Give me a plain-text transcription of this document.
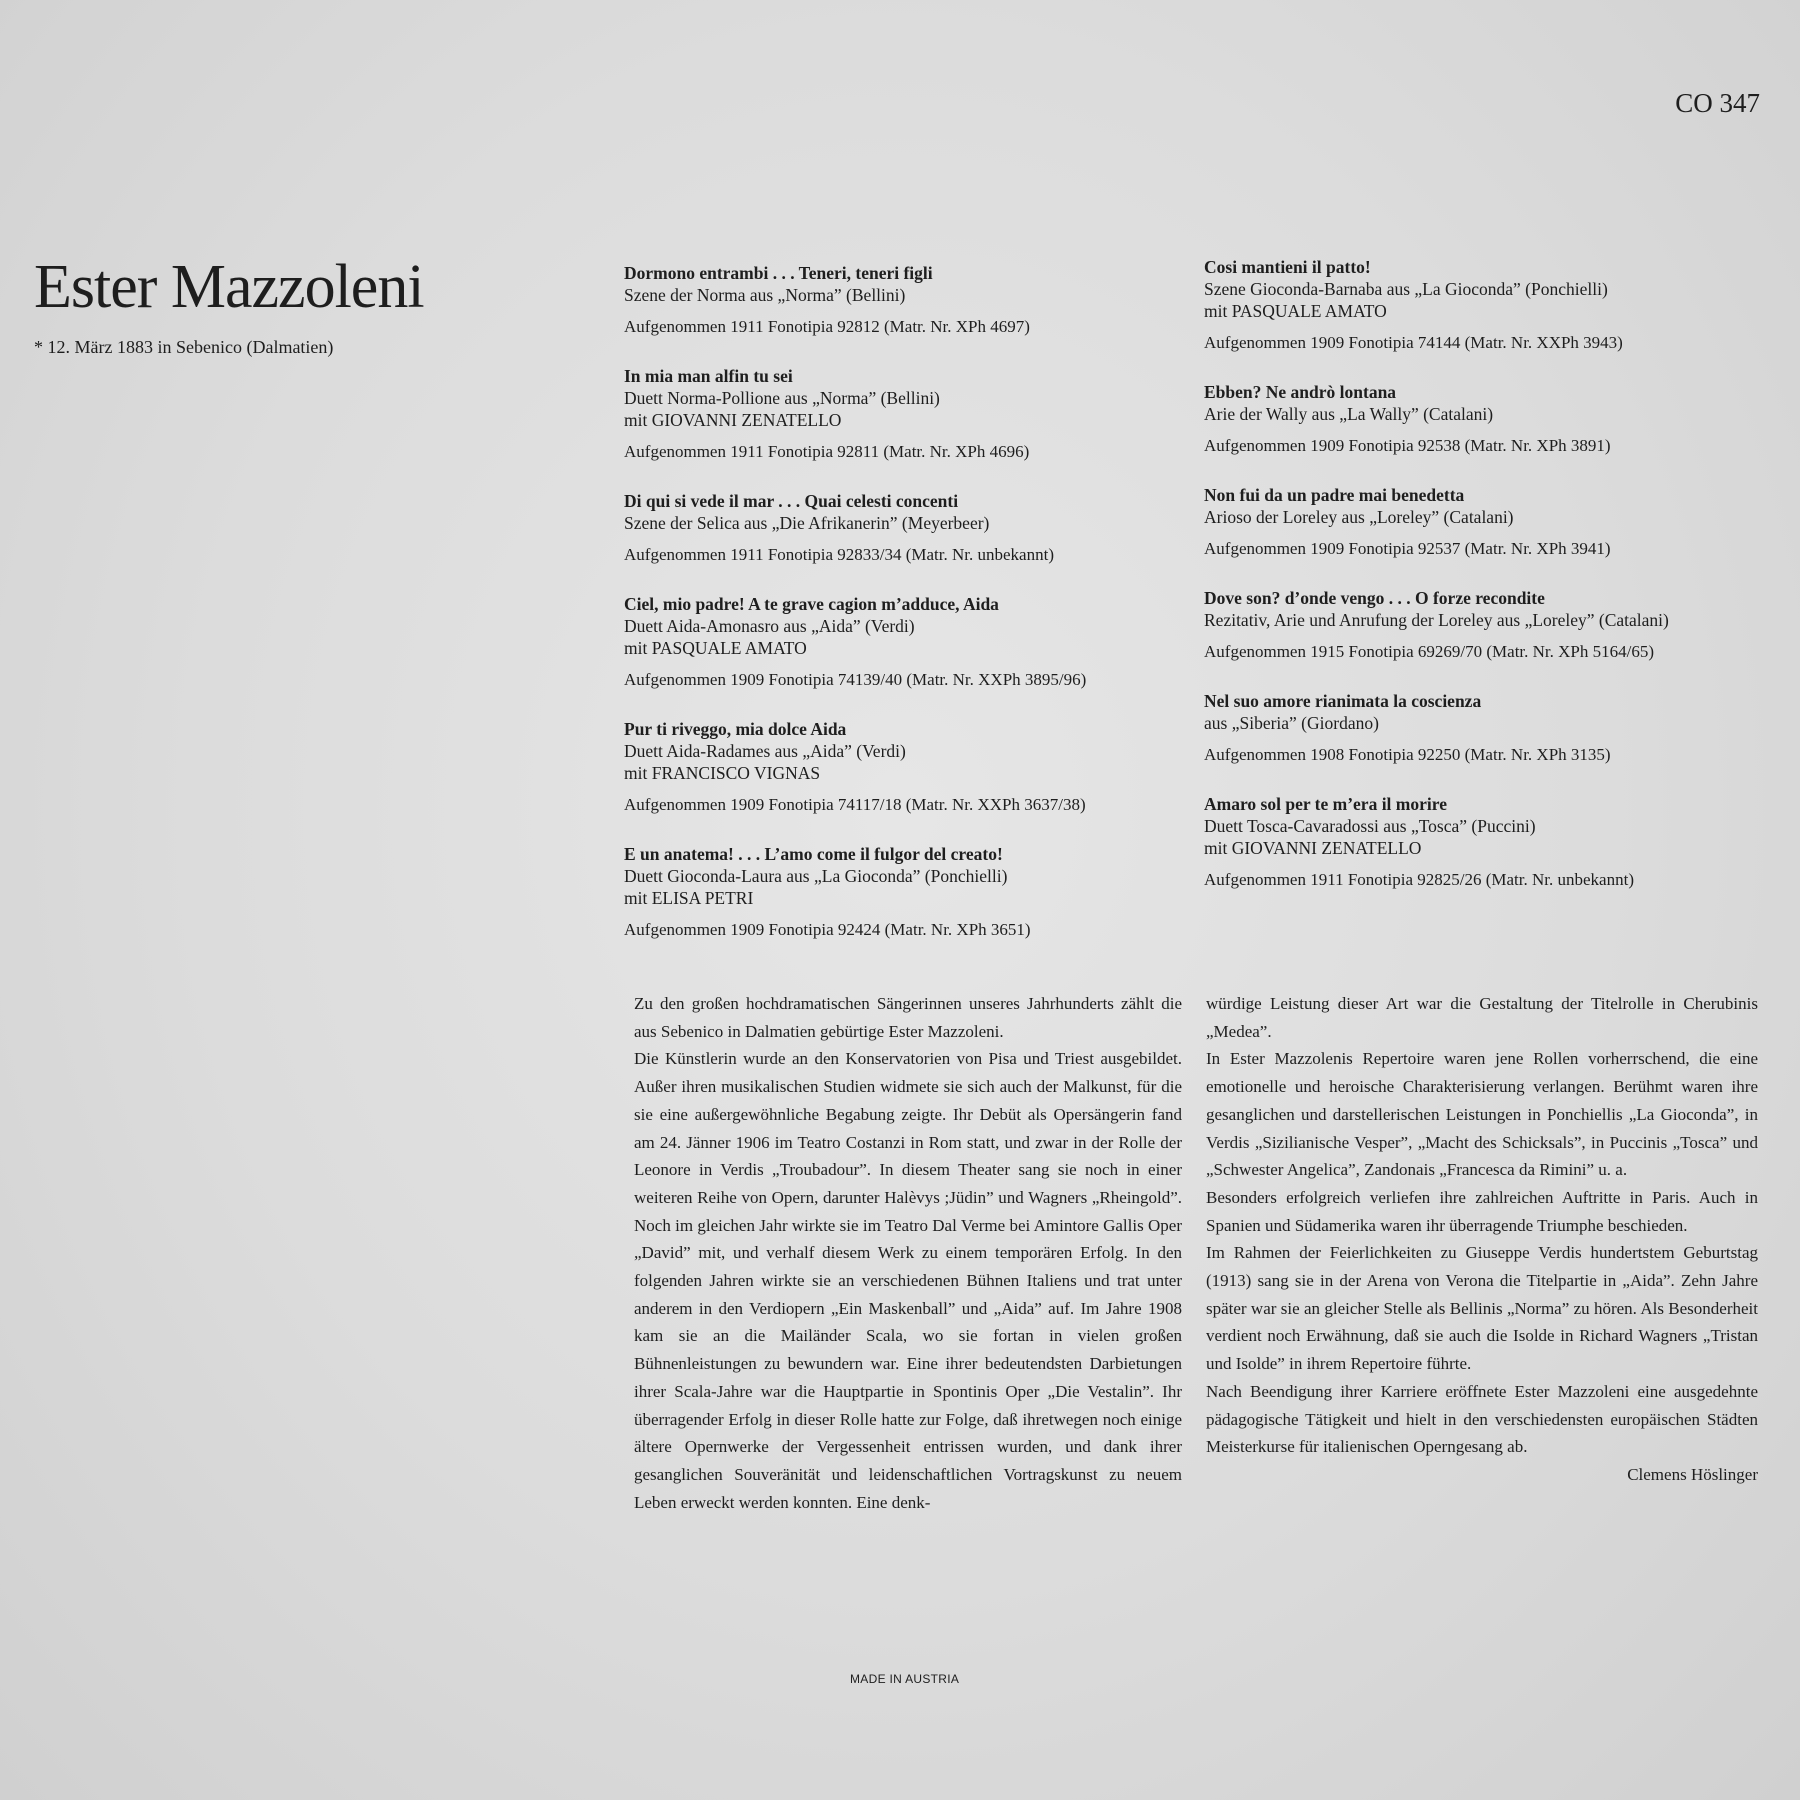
CO 347
Ester Mazzoleni
* 12. März 1883 in Sebenico (Dalmatien)
Dormono entrambi . . . Teneri, teneri figli
Szene der Norma aus „Norma” (Bellini)
Aufgenommen 1911 Fonotipia 92812 (Matr. Nr. XPh 4697)
In mia man alfin tu sei
Duett Norma-Pollione aus „Norma” (Bellini)
mit GIOVANNI ZENATELLO
Aufgenommen 1911 Fonotipia 92811 (Matr. Nr. XPh 4696)
Di qui si vede il mar . . . Quai celesti concenti
Szene der Selica aus „Die Afrikanerin” (Meyerbeer)
Aufgenommen 1911 Fonotipia 92833/34 (Matr. Nr. unbekannt)
Ciel, mio padre! A te grave cagion m’adduce, Aida
Duett Aida-Amonasro aus „Aida” (Verdi)
mit PASQUALE AMATO
Aufgenommen 1909 Fonotipia 74139/40 (Matr. Nr. XXPh 3895/96)
Pur ti riveggo, mia dolce Aida
Duett Aida-Radames aus „Aida” (Verdi)
mit FRANCISCO VIGNAS
Aufgenommen 1909 Fonotipia 74117/18 (Matr. Nr. XXPh 3637/38)
E un anatema! . . . L’amo come il fulgor del creato!
Duett Gioconda-Laura aus „La Gioconda” (Ponchielli)
mit ELISA PETRI
Aufgenommen 1909 Fonotipia 92424 (Matr. Nr. XPh 3651)
Cosi mantieni il patto!
Szene Gioconda-Barnaba aus „La Gioconda” (Ponchielli)
mit PASQUALE AMATO
Aufgenommen 1909 Fonotipia 74144 (Matr. Nr. XXPh 3943)
Ebben? Ne andrò lontana
Arie der Wally aus „La Wally” (Catalani)
Aufgenommen 1909 Fonotipia 92538 (Matr. Nr. XPh 3891)
Non fui da un padre mai benedetta
Arioso der Loreley aus „Loreley” (Catalani)
Aufgenommen 1909 Fonotipia 92537 (Matr. Nr. XPh 3941)
Dove son? d’onde vengo . . . O forze recondite
Rezitativ, Arie und Anrufung der Loreley aus „Loreley” (Catalani)
Aufgenommen 1915 Fonotipia 69269/70 (Matr. Nr. XPh 5164/65)
Nel suo amore rianimata la coscienza
aus „Siberia” (Giordano)
Aufgenommen 1908 Fonotipia 92250 (Matr. Nr. XPh 3135)
Amaro sol per te m’era il morire
Duett Tosca-Cavaradossi aus „Tosca” (Puccini)
mit GIOVANNI ZENATELLO
Aufgenommen 1911 Fonotipia 92825/26 (Matr. Nr. unbekannt)

Zu den großen hochdramatischen Sängerinnen unseres Jahrhunderts zählt die aus Sebenico in Dalmatien gebürtige Ester Mazzoleni.

Die Künstlerin wurde an den Konservatorien von Pisa und Triest ausgebildet. Außer ihren musikalischen Studien widmete sie sich auch der Malkunst, für die sie eine außergewöhnliche Begabung zeigte. Ihr Debüt als Opersängerin fand am 24. Jänner 1906 im Teatro Costanzi in Rom statt, und zwar in der Rolle der Leonore in Verdis „Troubadour”. In diesem Theater sang sie noch in einer weiteren Reihe von Opern, darunter Halèvys ;Jüdin” und Wagners „Rheingold”. Noch im gleichen Jahr wirkte sie im Teatro Dal Verme bei Amintore Gallis Oper „David” mit, und verhalf diesem Werk zu einem temporären Erfolg. In den folgenden Jahren wirkte sie an verschiedenen Bühnen Italiens und trat unter anderem in den Verdiopern „Ein Maskenball” und „Aida” auf. Im Jahre 1908 kam sie an die Mailänder Scala, wo sie fortan in vielen großen Bühnenleistungen zu bewundern war. Eine ihrer bedeutendsten Darbietungen ihrer Scala-Jahre war die Hauptpartie in Spontinis Oper „Die Vestalin”. Ihr überragender Erfolg in dieser Rolle hatte zur Folge, daß ihretwegen noch einige ältere Opernwerke der Vergessenheit entrissen wurden, und dank ihrer gesanglichen Souveränität und leidenschaftlichen Vortragskunst zu neuem Leben erweckt werden konnten. Eine denk-

würdige Leistung dieser Art war die Gestaltung der Titelrolle in Cherubinis „Medea”.

In Ester Mazzolenis Repertoire waren jene Rollen vorherrschend, die eine emotionelle und heroische Charakterisierung verlangen. Berühmt waren ihre gesanglichen und darstellerischen Leistungen in Ponchiellis „La Gioconda”, in Verdis „Sizilianische Vesper”, „Macht des Schicksals”, in Puccinis „Tosca” und „Schwester Angelica”, Zandonais „Francesca da Rimini” u. a.

Besonders erfolgreich verliefen ihre zahlreichen Auftritte in Paris. Auch in Spanien und Südamerika waren ihr überragende Triumphe beschieden.

Im Rahmen der Feierlichkeiten zu Giuseppe Verdis hundertstem Geburtstag (1913) sang sie in der Arena von Verona die Titelpartie in „Aida”. Zehn Jahre später war sie an gleicher Stelle als Bellinis „Norma” zu hören. Als Besonderheit verdient noch Erwähnung, daß sie auch die Isolde in Richard Wagners „Tristan und Isolde” in ihrem Repertoire führte.

Nach Beendigung ihrer Karriere eröffnete Ester Mazzoleni eine ausgedehnte pädagogische Tätigkeit und hielt in den verschiedensten europäischen Städten Meisterkurse für italienischen Operngesang ab.

Clemens Höslinger

MADE IN AUSTRIA
